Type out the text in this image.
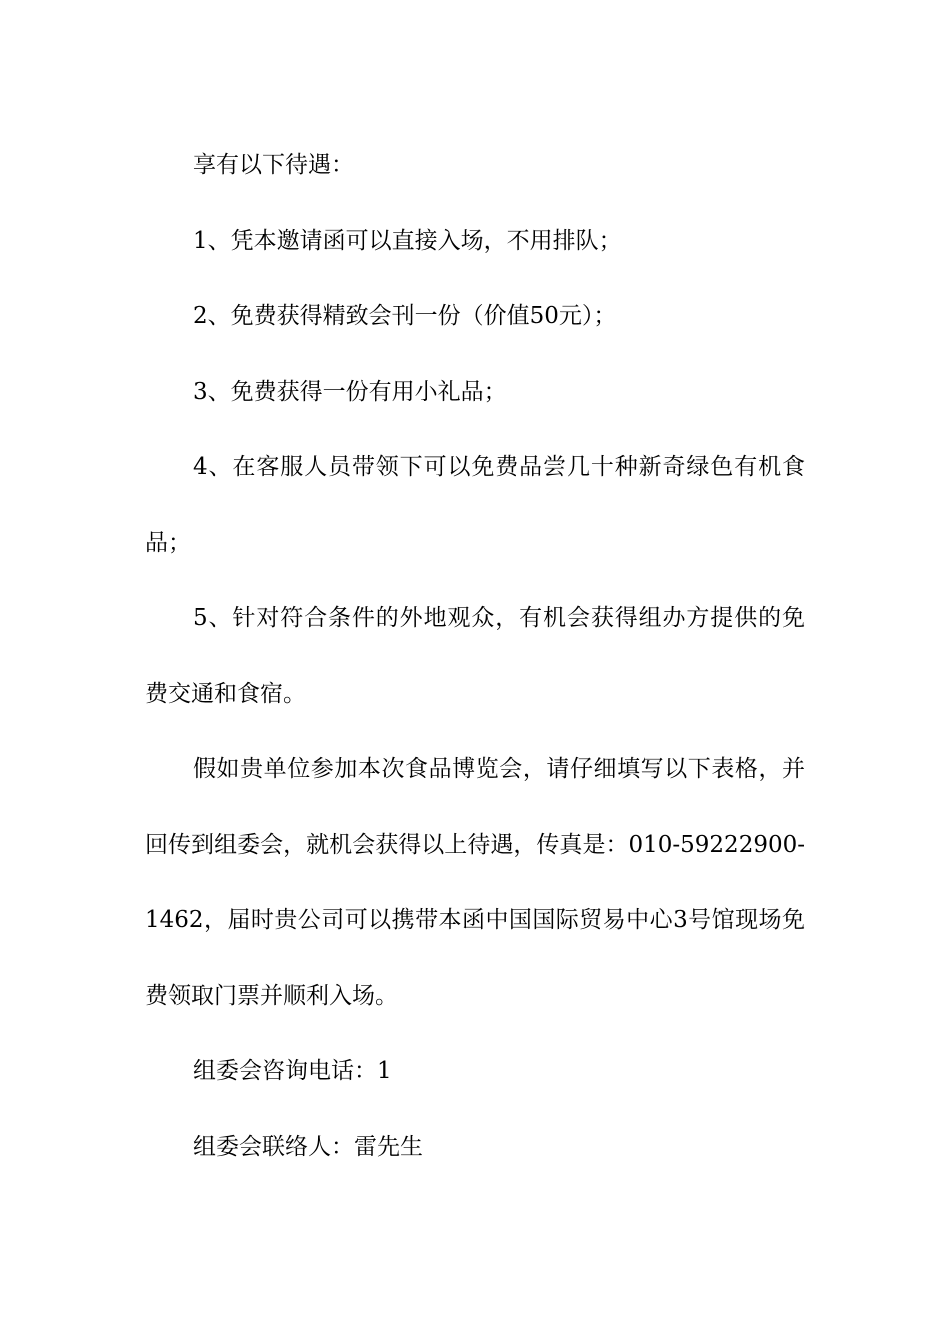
享有以下待遇：

1、凭本邀请函可以直接入场，不用排队；

2、免费获得精致会刊一份（价值50元）；

3、免费获得一份有用小礼品；

4、在客服人员带领下可以免费品尝几十种新奇绿色有机食品；

5、针对符合条件的外地观众，有机会获得组办方提供的免费交通和食宿。

假如贵单位参加本次食品博览会，请仔细填写以下表格，并回传到组委会，就机会获得以上待遇，传真是：010-59222900-1462，届时贵公司可以携带本函中国国际贸易中心3号馆现场免费领取门票并顺利入场。

组委会咨询电话：1

组委会联络人：雷先生
